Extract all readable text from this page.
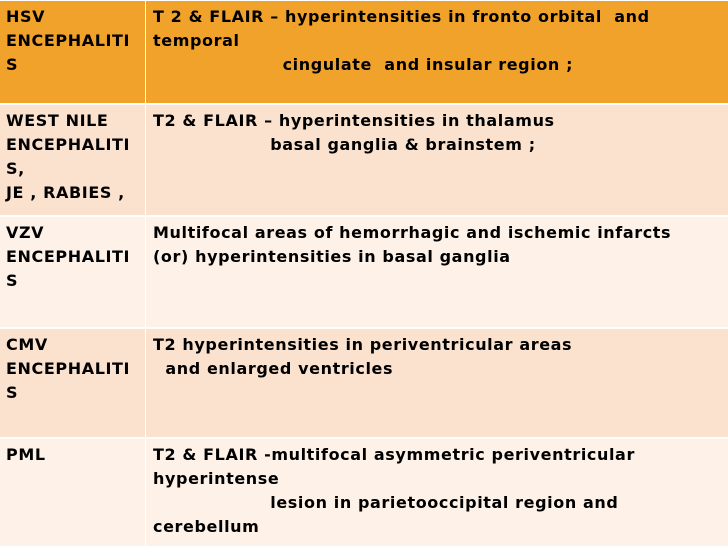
HSV
ENCEPHALITI
S
T 2 & FLAIR – hyperintensities in fronto orbital  and
temporal
cingulate  and insular region ;
WEST NILE
ENCEPHALITI
S,
JE , RABIES ,
T2 & FLAIR – hyperintensities in thalamus
basal ganglia & brainstem ;
VZV
ENCEPHALITI
S
Multifocal areas of hemorrhagic and ischemic infarcts
(or) hyperintensities in basal ganglia
CMV
ENCEPHALITI
S
T2 hyperintensities in periventricular areas
and enlarged ventricles
PML	T2 & FLAIR -multifocal asymmetric periventricular
hyperintense
lesion in parietooccipital region and
cerebellum
